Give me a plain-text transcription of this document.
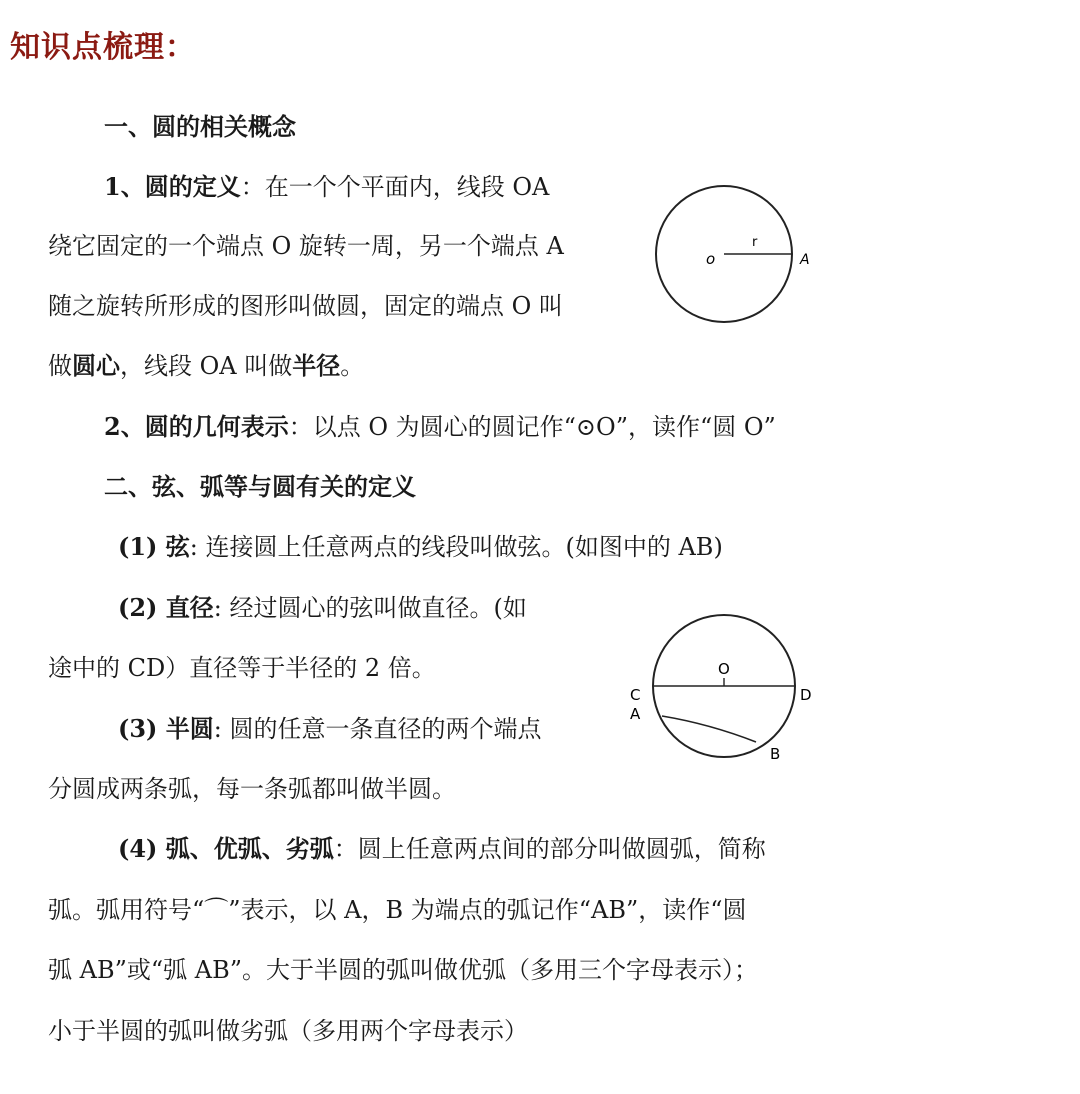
知识点梳理：
一、圆的相关概念
1、圆的定义：在一个个平面内，线段 OA
绕它固定的一个端点 O 旋转一周，另一个端点 A
随之旋转所形成的图形叫做圆，固定的端点 O 叫
做圆心，线段 OA 叫做半径。
2、圆的几何表示：以点 O 为圆心的圆记作“⊙O”，读作“圆 O”
二、弦、弧等与圆有关的定义
(1) 弦: 连接圆上任意两点的线段叫做弦。(如图中的 AB)
(2) 直径: 经过圆心的弦叫做直径。(如
途中的 CD）直径等于半径的 2 倍。
(3) 半圆: 圆的任意一条直径的两个端点
分圆成两条弧，每一条弧都叫做半圆。
(4) 弧、优弧、劣弧：圆上任意两点间的部分叫做圆弧，简称
弧。弧用符号“⌒”表示，以 A，B 为端点的弧记作“AB”，读作“圆
弧 AB”或“弧 AB”。大于半圆的弧叫做优弧（多用三个字母表示）；
小于半圆的弧叫做劣弧（多用两个字母表示）
o
r
A
O
C	D
A
B
